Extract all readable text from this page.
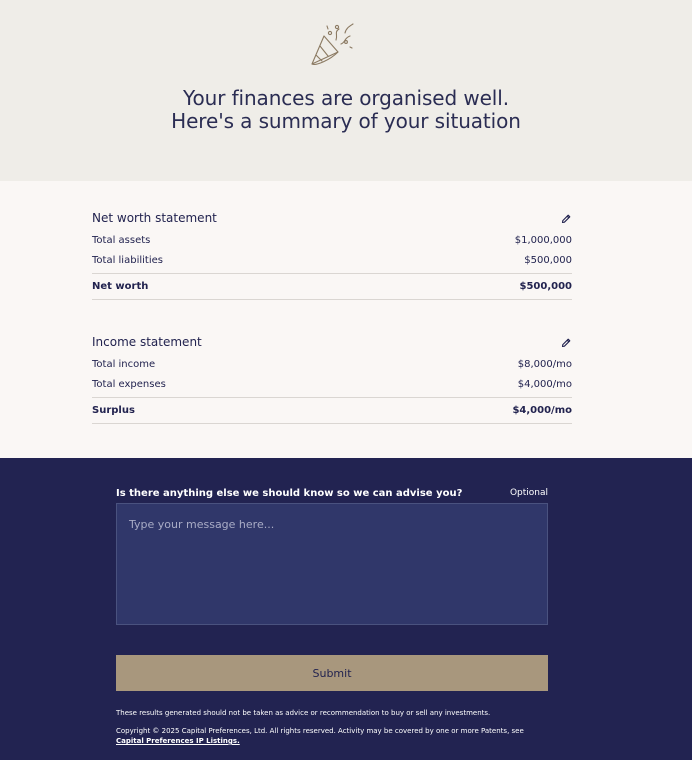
Your finances are organised well.
Here's a summary of your situation
Net worth statement
Total assets	$1,000,000
Total liabilities	$500,000
Net worth	$500,000
Income statement
Total income	$8,000/mo
Total expenses	$4,000/mo
Surplus	$4,000/mo
Is there anything else we should know so we can advise you?	Optional
Type your message here...
Submit

These results generated should not be taken as advice or recommendation to buy or sell any investments.

Copyright © 2025 Capital Preferences, Ltd. All rights reserved. Activity may be covered by one or more Patents, see
Capital Preferences IP Listings.
